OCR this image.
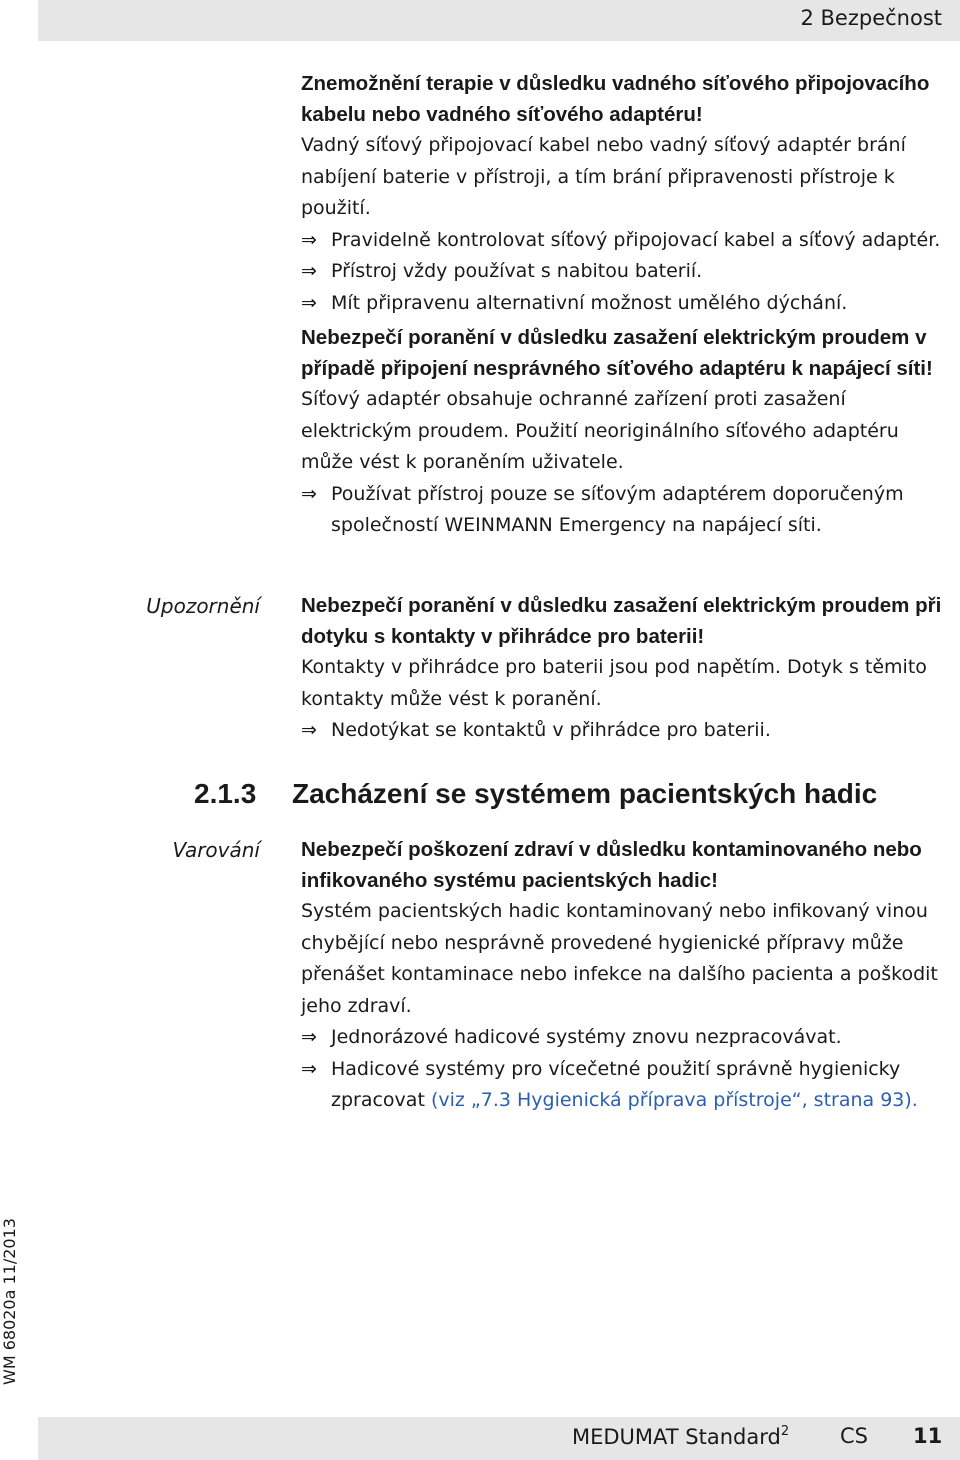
2 Bezpečnost

Znemožnění terapie v důsledku vadného síťového připojovacího kabelu nebo vadného síťového adaptéru!

Vadný síťový připojovací kabel nebo vadný síťový adaptér brání nabíjení baterie v přístroji, a tím brání připravenosti přístroje k použití.

⇒ Pravidelně kontrolovat síťový připojovací kabel a síťový adaptér.

⇒ Přístroj vždy používat s nabitou baterií.

⇒ Mít připravenu alternativní možnost umělého dýchání.

Nebezpečí poranění v důsledku zasažení elektrickým proudem v případě připojení nesprávného síťového adaptéru k napájecí síti!

Síťový adaptér obsahuje ochranné zařízení proti zasažení elektrickým proudem. Použití neoriginálního síťového adaptéru může vést k poraněním uživatele.

⇒ Používat přístroj pouze se síťovým adaptérem doporučeným společností WEINMANN Emergency na napájecí síti.

Upozornění Nebezpečí poranění v důsledku zasažení elektrickým proudem při dotyku s kontakty v přihrádce pro baterii!

Kontakty v přihrádce pro baterii jsou pod napětím. Dotyk s těmito kontakty může vést k poranění.

⇒ Nedotýkat se kontaktů v přihrádce pro baterii.

2.1.3 Zacházení se systémem pacientských hadic
Varování Nebezpečí poškození zdraví v důsledku kontaminovaného nebo infikovaného systému pacientských hadic!

Systém pacientských hadic kontaminovaný nebo infikovaný vinou chybějící nebo nesprávně provedené hygienické přípravy může přenášet kontaminace nebo infekce na dalšího pacienta a poškodit jeho zdraví.

⇒ Jednorázové hadicové systémy znovu nezpracovávat.

⇒ Hadicové systémy pro vícečetné použití správně hygienicky zpracovat (viz „7.3 Hygienická příprava přístroje“, strana 93).

WM 68020a 11/2013
MEDUMAT Standard$^2$ CS 11
